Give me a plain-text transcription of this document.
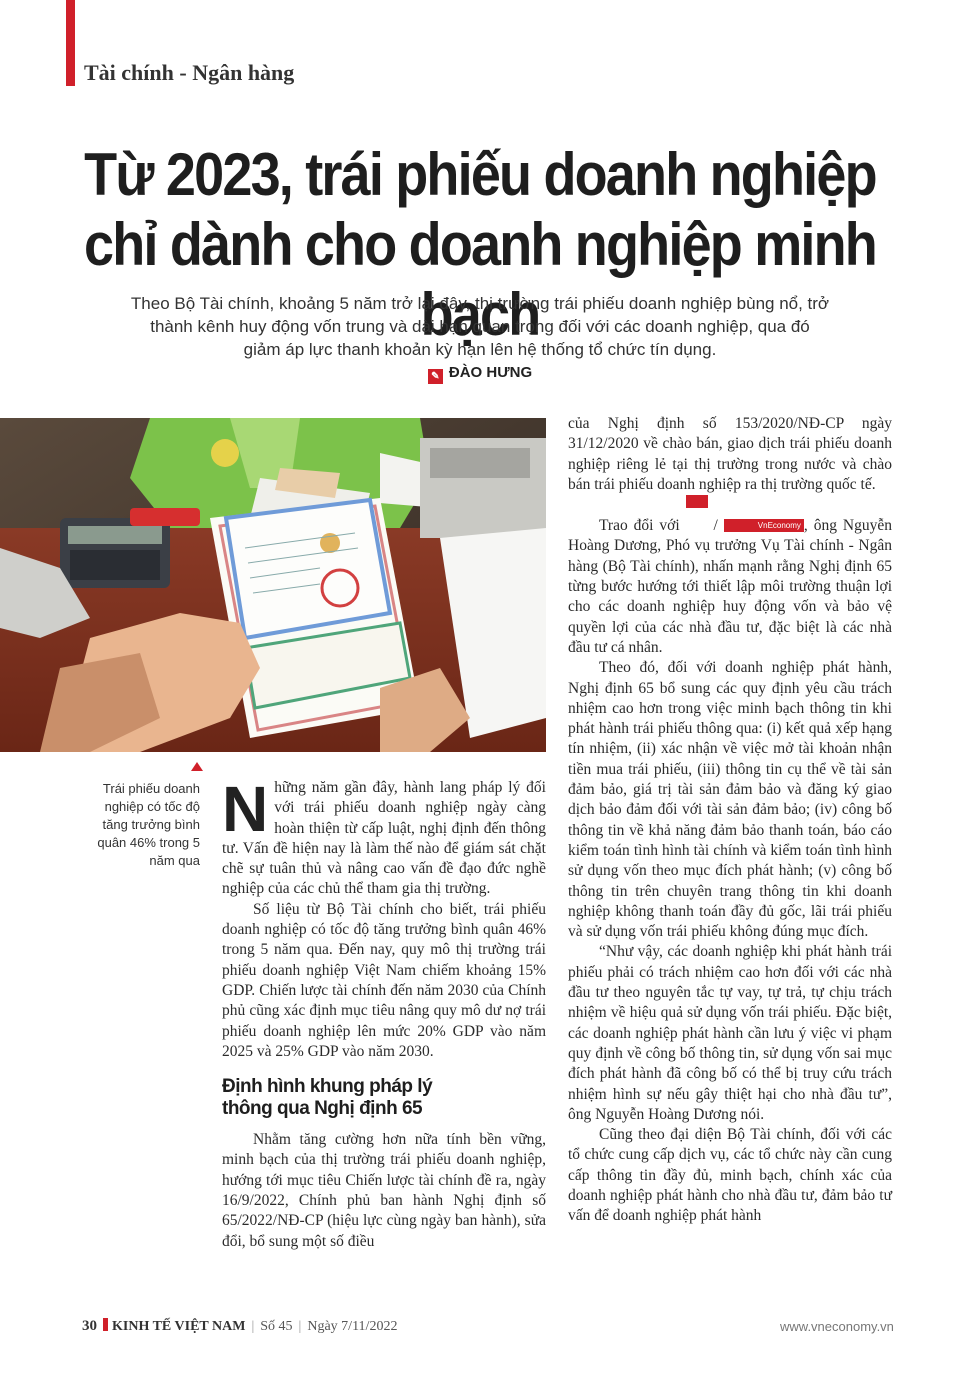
Tài chính - Ngân hàng
Từ 2023, trái phiếu doanh nghiệp
chỉ dành cho doanh nghiệp minh bạch
Theo Bộ Tài chính, khoảng 5 năm trở lại đây, thị trường trái phiếu doanh nghiệp bùng nổ, trở thành kênh huy động vốn trung và dài hạn quan trọng đối với các doanh nghiệp, qua đó giảm áp lực thanh khoản kỳ hạn lên hệ thống tổ chức tín dụng.
✎ ĐÀO HƯNG
Trái phiếu doanh nghiệp có tốc độ tăng trưởng bình quân 46% trong 5 năm qua

Những năm gần đây, hành lang pháp lý đối với trái phiếu doanh nghiệp ngày càng hoàn thiện từ cấp luật, nghị định đến thông tư. Vấn đề hiện nay là làm thế nào để giám sát chặt chẽ sự tuân thủ và nâng cao vấn đề đạo đức nghề nghiệp của các chủ thể tham gia thị trường.

Số liệu từ Bộ Tài chính cho biết, trái phiếu doanh nghiệp có tốc độ tăng trưởng bình quân 46% trong 5 năm qua. Đến nay, quy mô thị trường trái phiếu doanh nghiệp Việt Nam chiếm khoảng 15% GDP. Chiến lược tài chính đến năm 2030 của Chính phủ cũng xác định mục tiêu nâng quy mô dư nợ trái phiếu doanh nghiệp lên mức 20% GDP vào năm 2025 và 25% GDP vào năm 2030.

Định hình khung pháp lý
thông qua Nghị định 65

Nhằm tăng cường hơn nữa tính bền vững, minh bạch của thị trường trái phiếu doanh nghiệp, hướng tới mục tiêu Chiến lược tài chính đề ra, ngày 16/9/2022, Chính phủ ban hành Nghị định số 65/2022/NĐ-CP (hiệu lực cùng ngày ban hành), sửa đổi, bổ sung một số điều

của Nghị định số 153/2020/NĐ-CP ngày 31/12/2020 về chào bán, giao dịch trái phiếu doanh nghiệp riêng lẻ tại thị trường trong nước và chào bán trái phiếu doanh nghiệp ra thị trường quốc tế.

Trao đổi với Kinh tế Việt Nam /	VnEconomy , ông Nguyễn Hoàng Dương, Phó vụ trưởng Vụ Tài chính - Ngân hàng (Bộ Tài chính), nhấn mạnh rằng Nghị định 65 từng bước hướng tới thiết lập môi trường thuận lợi cho các doanh nghiệp huy động vốn và bảo vệ quyền lợi của các nhà đầu tư, đặc biệt là các nhà đầu tư cá nhân.

Theo đó, đối với doanh nghiệp phát hành, Nghị định 65 bổ sung các quy định yêu cầu trách nhiệm cao hơn trong việc minh bạch thông tin khi phát hành trái phiếu thông qua: (i) kết quả xếp hạng tín nhiệm, (ii) xác nhận về việc mở tài khoản nhận tiền mua trái phiếu, (iii) thông tin cụ thể về tài sản đảm bảo, giá trị tài sản đảm bảo và đăng ký giao dịch bảo đảm đối với tài sản đảm bảo; (iv) công bố thông tin về khả năng đảm bảo thanh toán, báo cáo kiểm toán tình hình tài chính và kiểm toán tình hình sử dụng vốn theo mục đích phát hành; (v) công bố thông tin trên chuyên trang thông tin khi doanh nghiệp không thanh toán đầy đủ gốc, lãi trái phiếu và sử dụng vốn trái phiếu không đúng mục đích.

“Như vậy, các doanh nghiệp khi phát hành trái phiếu phải có trách nhiệm cao hơn đối với các nhà đầu tư theo nguyên tắc tự vay, tự trả, tự chịu trách nhiệm về hiệu quả sử dụng vốn trái phiếu. Đặc biệt, các doanh nghiệp phát hành cần lưu ý việc vi phạm quy định về công bố thông tin, sử dụng vốn sai mục đích phát hành đã công bố có thể bị truy cứu trách nhiệm hình sự nếu gây thiệt hại cho nhà đầu tư”, ông Nguyễn Hoàng Dương nói.

Cũng theo đại diện Bộ Tài chính, đối với các tổ chức cung cấp dịch vụ, các tổ chức này cần cung cấp thông tin đầy đủ, minh bạch, chính xác của doanh nghiệp phát hành cho nhà đầu tư, đảm bảo tư vấn để doanh nghiệp phát hành

30 KINH TẾ VIỆT NAM | Số 45 | Ngày 7/11/2022	www.vneconomy.vn
